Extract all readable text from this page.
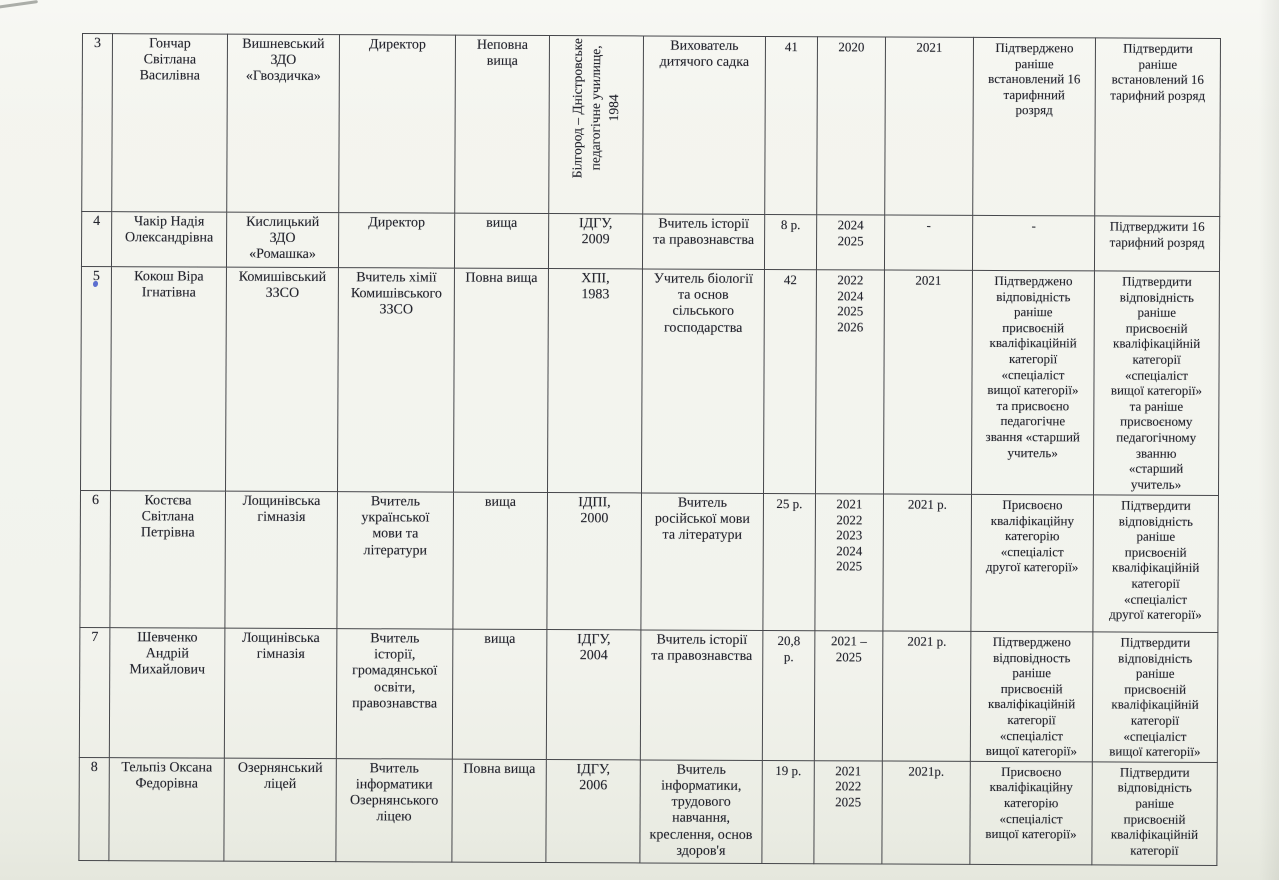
3	Гончар
Світлана
Василівна	Вишневський
ЗДО
«Гвоздичка»	Директор	Неповна
вища	Білгород – Дністровське
педагогічне училище,
1984	Вихователь
дитячого садка	41	2020	2021	Підтверджено
раніше
встановлений 16
тарифнний
розряд	Підтвердити
раніше
встановлений 16
тарифний розряд
4	Чакір Надія
Олександрівна	Кислицький
ЗДО
«Ромашка»	Директор	вища	ІДГУ,
2009	Вчитель історії
та правознавства	8 р.	2024
2025	-	-	Підтверджити 16
тарифний розряд
5	Кокош Віра
Ігнатівна	Комишівський
ЗЗСО	Вчитель хімії
Комишівського
ЗЗСО	Повна вища	ХПІ,
1983	Учитель біології
та основ
сільського
господарства	42	2022
2024
2025
2026	2021	Підтверджено
відповідність
раніше
присвоєній
кваліфікаційній
категорії
«спеціаліст
вищої категорії»
та присвоєно
педагогічне
звання «старший
учитель»	Підтвердити
відповідність
раніше
присвоєній
кваліфікаційній
категорії
«спеціаліст
вищої категорії»
та раніше
присвоєному
педагогічному
званню
«старший
учитель»
6	Костєва
Світлана
Петрівна	Лощинівська
гімназія	Вчитель
української
мови та
літератури	вища	ІДПІ,
2000	Вчитель
російської мови
та літератури	25 р.	2021
2022
2023
2024
2025	2021 р.	Присвоєно
кваліфікаційну
категорію
«спеціаліст
другої категорії»	Підтвердити
відповідність
раніше
присвоєній
кваліфікаційній
категорії
«спеціаліст
другої категорії»
7	Шевченко
Андрій
Михайлович	Лощинівська
гімназія	Вчитель
історії,
громадянської
освіти,
правознавства	вища	ІДГУ,
2004	Вчитель історії
та правознавства	20,8
р.	2021 –
2025	2021 р.	Підтверджено
відповідность
раніше
присвоєній
кваліфікаційній
категорії
«спеціаліст
вищої категорії»	Підтвердити
відповідність
раніше
присвоєній
кваліфікаційній
категорії
«спеціаліст
вищої категорії»
8	Тельпіз Оксана
Федорівна	Озернянський
ліцей	Вчитель
інформатики
Озернянського
ліцею	Повна вища	ІДГУ,
2006	Вчитель
інформатики,
трудового
навчання,
креслення, основ
здоров'я	19 р.	2021
2022
2025	2021р.	Присвоєно
кваліфікаційну
категорію
«спеціаліст
вищої категорії»	Підтвердити
відповідність
раніше
присвоєній
кваліфікаційній
категорії
